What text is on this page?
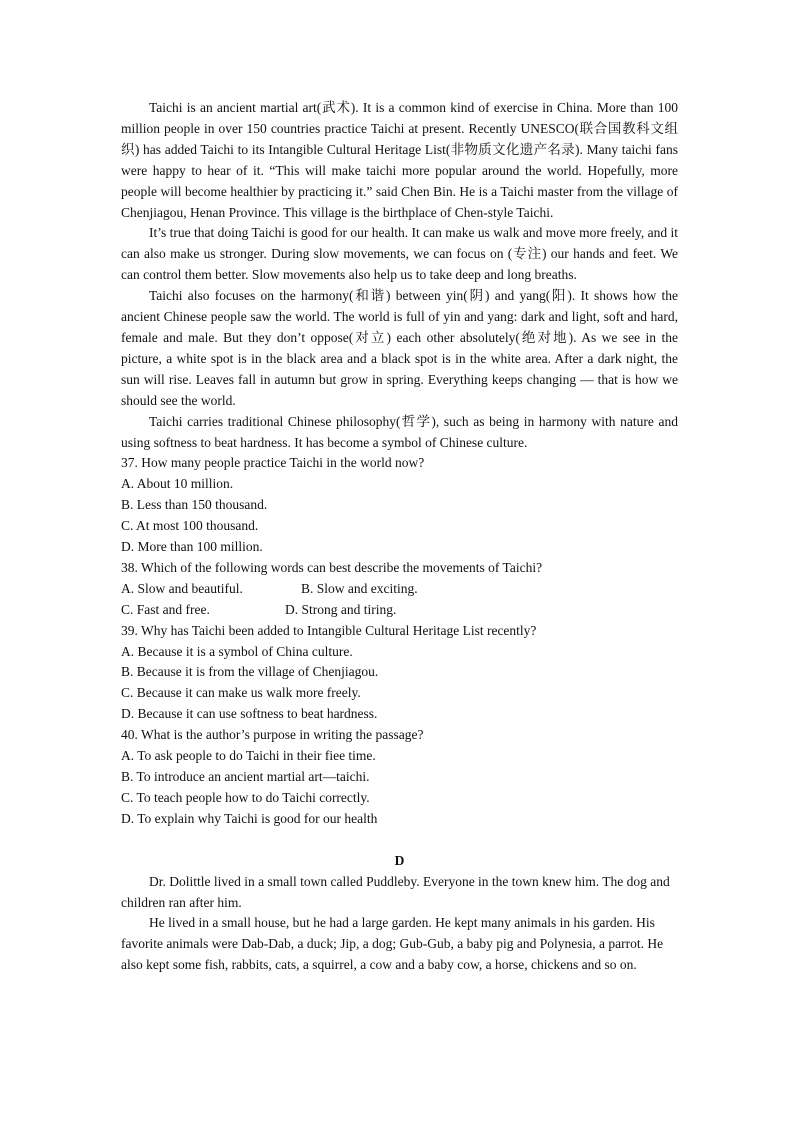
Taichi is an ancient martial art(武术). It is a common kind of exercise in China. More than 100 million people in over 150 countries practice Taichi at present. Recently UNESCO(联合国教科文组织) has added Taichi to its Intangible Cultural Heritage List(非物质文化遗产名录). Many taichi fans were happy to hear of it. “This will make taichi more popular around the world. Hopefully, more people will become healthier by practicing it.” said Chen Bin. He is a Taichi master from the village of Chenjiagou, Henan Province. This village is the birthplace of Chen-style Taichi.

It’s true that doing Taichi is good for our health. It can make us walk and move more freely, and it can also make us stronger. During slow movements, we can focus on (专注) our hands and feet. We can control them better. Slow movements also help us to take deep and long breaths.

Taichi also focuses on the harmony(和谐) between yin(阴) and yang(阳). It shows how the ancient Chinese people saw the world. The world is full of yin and yang: dark and light, soft and hard, female and male. But they don’t oppose(对立) each other absolutely(绝对地). As we see in the picture, a white spot is in the black area and a black spot is in the white area. After a dark night, the sun will rise. Leaves fall in autumn but grow in spring. Everything keeps changing — that is how we should see the world.

Taichi carries traditional Chinese philosophy(哲学), such as being in harmony with nature and using softness to beat hardness. It has become a symbol of Chinese culture.

37. How many people practice Taichi in the world now?

A. About 10 million.

B. Less than 150 thousand.

C. At most 100 thousand.

D. More than 100 million.

38. Which of the following words can best describe the movements of Taichi?

A. Slow and beautiful.	B. Slow and exciting.
C. Fast and free.	D. Strong and tiring.

39. Why has Taichi been added to Intangible Cultural Heritage List recently?

A. Because it is a symbol of China culture.

B. Because it is from the village of Chenjiagou.

C. Because it can make us walk more freely.

D. Because it can use softness to beat hardness.

40. What is the author’s purpose in writing the passage?

A. To ask people to do Taichi in their fiee time.

B. To introduce an ancient martial art—taichi.

C. To teach people how to do Taichi correctly.

D. To explain why Taichi is good for our health

D

Dr. Dolittle lived in a small town called Puddleby. Everyone in the town knew him. The dog and children ran after him.

He lived in a small house, but he had a large garden. He kept many animals in his garden. His favorite animals were Dab-Dab, a duck; Jip, a dog; Gub-Gub, a baby pig and Polynesia, a parrot. He also kept some fish, rabbits, cats, a squirrel, a cow and a baby cow, a horse, chickens and so on.
